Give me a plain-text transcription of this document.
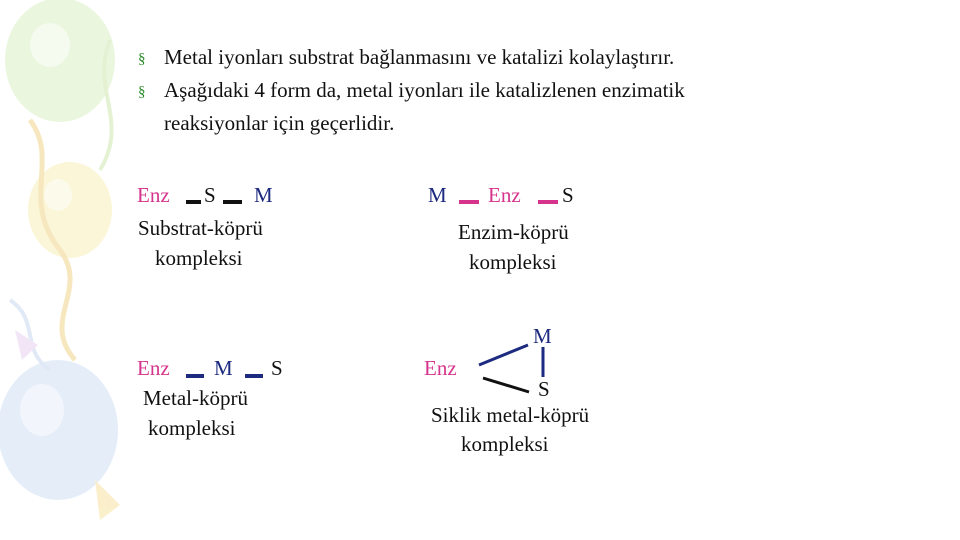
§ Metal iyonları substrat bağlanmasını ve katalizi kolaylaştırır.
§ Aşağıdaki 4 form da, metal iyonları ile katalizlenen enzimatik
reaksiyonlar için geçerlidir.
Enz S M
Substrat-köprü
kompleksi
M Enz S
Enzim-köprü
kompleksi
Enz M S
Metal-köprü
kompleksi
Enz
M
S
Siklik metal-köprü
kompleksi
